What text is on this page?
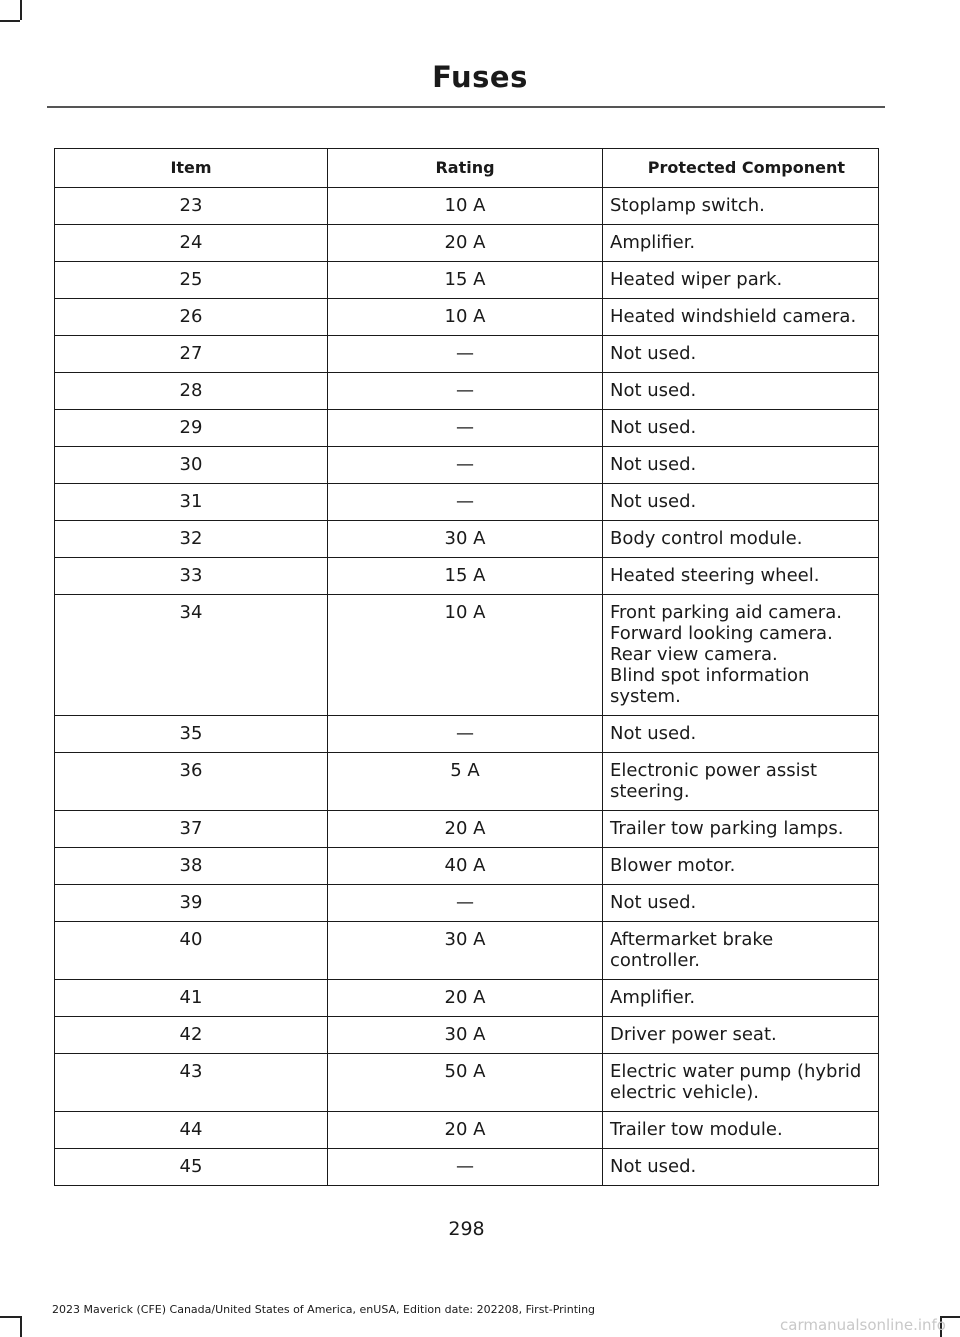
Fuses
Item	Rating	Protected Component
23	10 A	Stoplamp switch.
24	20 A	Amplifier.
25	15 A	Heated wiper park.
26	10 A	Heated windshield camera.
27	—	Not used.
28	—	Not used.
29	—	Not used.
30	—	Not used.
31	—	Not used.
32	30 A	Body control module.
33	15 A	Heated steering wheel.
34	10 A	Front parking aid camera.
Forward looking camera.
Rear view camera.
Blind spot information
system.
35	—	Not used.
36	5 A	Electronic power assist
steering.
37	20 A	Trailer tow parking lamps.
38	40 A	Blower motor.
39	—	Not used.
40	30 A	Aftermarket brake
controller.
41	20 A	Amplifier.
42	30 A	Driver power seat.
43	50 A	Electric water pump (hybrid
electric vehicle).
44	20 A	Trailer tow module.
45	—	Not used.
298
2023 Maverick (CFE) Canada/United States of America, enUSA, Edition date: 202208, First-Printing
carmanualsonline.info
